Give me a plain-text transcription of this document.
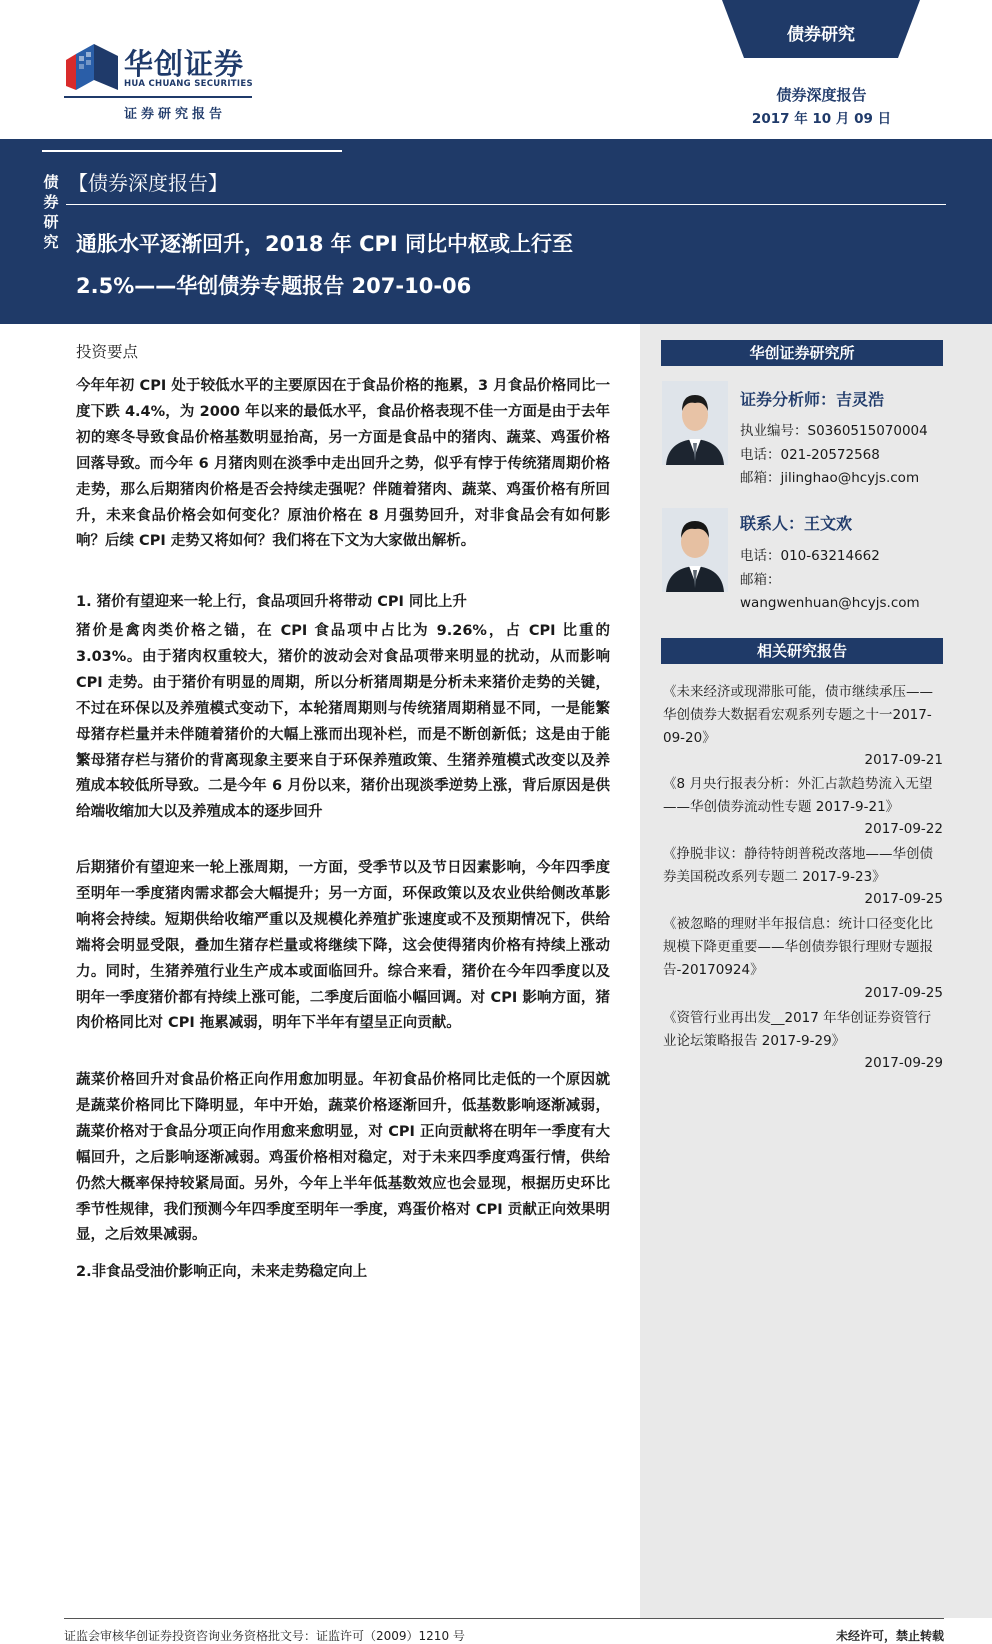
华创证券
HUA CHUANG SECURITIES
证券研究报告
债券研究
债券深度报告
2017 年 10 月 09 日
债
券
研
究
【债券深度报告】
通胀水平逐渐回升，2018 年 CPI 同比中枢或上行至
2.5%——华创债券专题报告 207-10-06
投资要点

今年年初 CPI 处于较低水平的主要原因在于食品价格的拖累，3 月食品价格同比一度下跌 4.4%，为 2000 年以来的最低水平，食品价格表现不佳一方面是由于去年初的寒冬导致食品价格基数明显抬高，另一方面是食品中的猪肉、蔬菜、鸡蛋价格回落导致。而今年 6 月猪肉则在淡季中走出回升之势，似乎有悖于传统猪周期价格走势，那么后期猪肉价格是否会持续走强呢？伴随着猪肉、蔬菜、鸡蛋价格有所回升，未来食品价格会如何变化？原油价格在 8 月强势回升，对非食品会有如何影响？后续 CPI 走势又将如何？我们将在下文为大家做出解析。

1. 猪价有望迎来一轮上行，食品项回升将带动 CPI 同比上升

猪价是禽肉类价格之锚，在 CPI 食品项中占比为 9.26%，占 CPI 比重的 3.03%。由于猪肉权重较大，猪价的波动会对食品项带来明显的扰动，从而影响 CPI 走势。由于猪价有明显的周期，所以分析猪周期是分析未来猪价走势的关键，不过在环保以及养殖模式变动下，本轮猪周期则与传统猪周期稍显不同，一是能繁母猪存栏量并未伴随着猪价的大幅上涨而出现补栏，而是不断创新低；这是由于能繁母猪存栏与猪价的背离现象主要来自于环保养殖政策、生猪养殖模式改变以及养殖成本较低所导致。二是今年 6 月份以来，猪价出现淡季逆势上涨，背后原因是供给端收缩加大以及养殖成本的逐步回升

后期猪价有望迎来一轮上涨周期，一方面，受季节以及节日因素影响，今年四季度至明年一季度猪肉需求都会大幅提升；另一方面，环保政策以及农业供给侧改革影响将会持续。短期供给收缩严重以及规模化养殖扩张速度或不及预期情况下，供给端将会明显受限，叠加生猪存栏量或将继续下降，这会使得猪肉价格有持续上涨动力。同时，生猪养殖行业生产成本或面临回升。综合来看，猪价在今年四季度以及明年一季度猪价都有持续上涨可能，二季度后面临小幅回调。对 CPI 影响方面，猪肉价格同比对 CPI 拖累减弱，明年下半年有望呈正向贡献。

蔬菜价格回升对食品价格正向作用愈加明显。年初食品价格同比走低的一个原因就是蔬菜价格同比下降明显，年中开始，蔬菜价格逐渐回升，低基数影响逐渐减弱，蔬菜价格对于食品分项正向作用愈来愈明显，对 CPI 正向贡献将在明年一季度有大幅回升，之后影响逐渐减弱。鸡蛋价格相对稳定，对于未来四季度鸡蛋行情，供给仍然大概率保持较紧局面。另外，今年上半年低基数效应也会显现，根据历史环比季节性规律，我们预测今年四季度至明年一季度，鸡蛋价格对 CPI 贡献正向效果明显，之后效果减弱。

2.非食品受油价影响正向，未来走势稳定向上
华创证券研究所
证券分析师：吉灵浩
执业编号：S0360515070004
电话：021-20572568
邮箱：jilinghao@hcyjs.com
联系人：王文欢
电话：010-63214662
邮箱：
wangwenhuan@hcyjs.com
相关研究报告
《未来经济或现滞胀可能，债市继续承压——华创债券大数据看宏观系列专题之十一2017-09-20》
2017-09-21
《8 月央行报表分析：外汇占款趋势流入无望——华创债券流动性专题 2017-9-21》
2017-09-22
《挣脱非议：静待特朗普税改落地——华创债券美国税改系列专题二 2017-9-23》
2017-09-25
《被忽略的理财半年报信息：统计口径变化比规模下降更重要——华创债券银行理财专题报告-20170924》
2017-09-25
《资管行业再出发__2017 年华创证券资管行业论坛策略报告 2017-9-29》
2017-09-29
证监会审核华创证券投资咨询业务资格批文号：证监许可（2009）1210 号	未经许可，禁止转载
